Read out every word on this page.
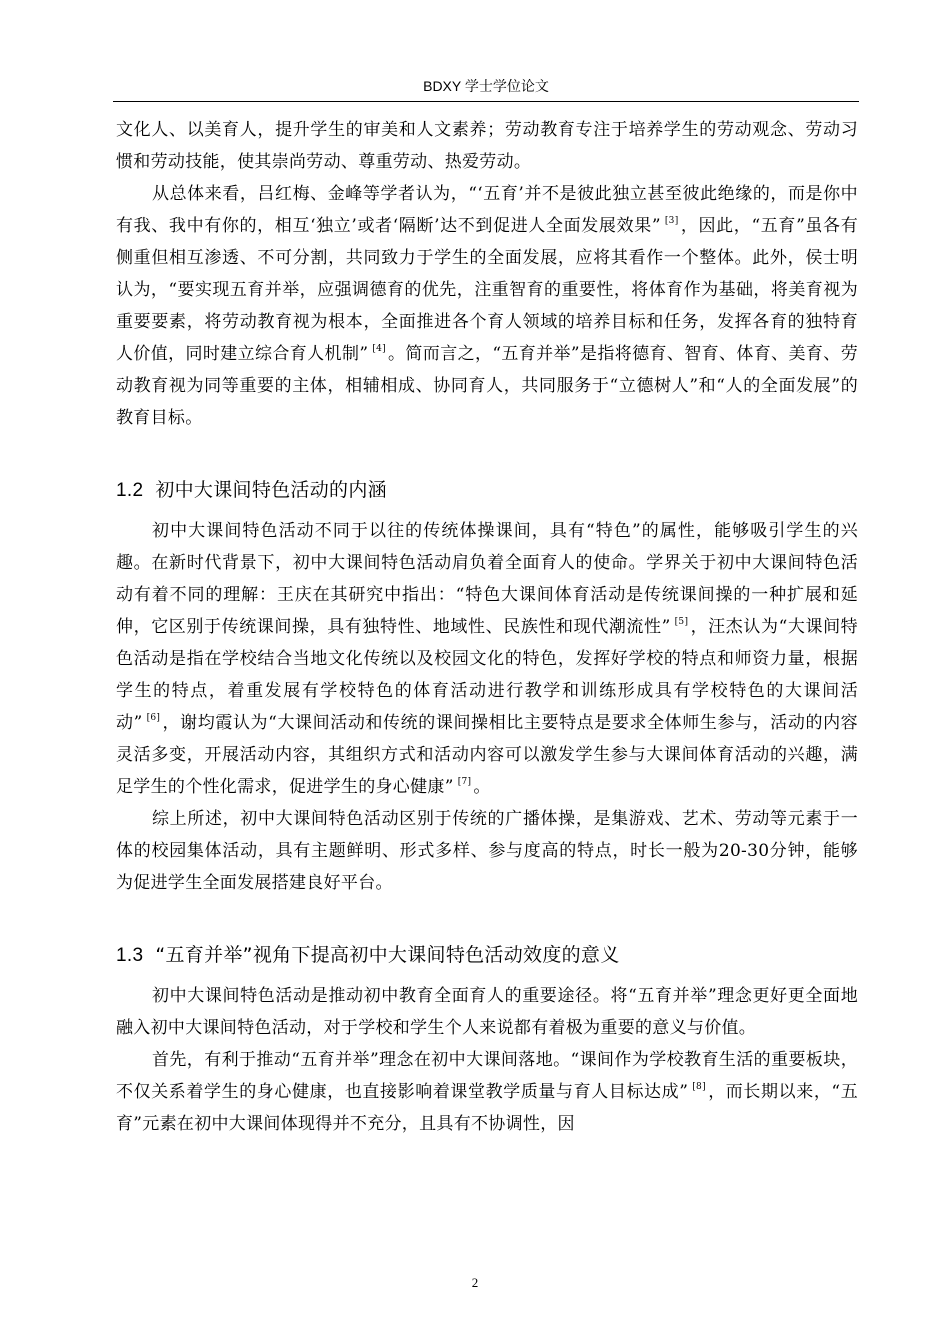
BDXY 学士学位论文

文化人、以美育人，提升学生的审美和人文素养；劳动教育专注于培养学生的劳动观念、劳动习惯和劳动技能，使其崇尚劳动、尊重劳动、热爱劳动。

从总体来看，吕红梅、金峰等学者认为，“‘五育’并不是彼此独立甚至彼此绝缘的，而是你中有我、我中有你的，相互‘独立’或者‘隔断’达不到促进人全面发展效果” [3] ，因此，“五育”虽各有侧重但相互渗透、不可分割，共同致力于学生的全面发展，应将其看作一个整体。此外，侯士明认为，“要实现五育并举，应强调德育的优先，注重智育的重要性，将体育作为基础，将美育视为重要要素，将劳动教育视为根本，全面推进各个育人领域的培养目标和任务，发挥各育的独特育人价值，同时建立综合育人机制” [4] 。简而言之，“五育并举”是指将德育、智育、体育、美育、劳动教育视为同等重要的主体，相辅相成、协同育人，共同服务于“立德树人”和“人的全面发展”的教育目标。

1.2 初中大课间特色活动的内涵

初中大课间特色活动不同于以往的传统体操课间，具有“特色”的属性，能够吸引学生的兴趣。在新时代背景下，初中大课间特色活动肩负着全面育人的使命。学界关于初中大课间特色活动有着不同的理解：王庆在其研究中指出：“特色大课间体育活动是传统课间操的一种扩展和延伸，它区别于传统课间操，具有独特性、地域性、民族性和现代潮流性” [5] ，汪杰认为“大课间特色活动是指在学校结合当地文化传统以及校园文化的特色，发挥好学校的特点和师资力量，根据学生的特点，着重发展有学校特色的体育活动进行教学和训练形成具有学校特色的大课间活动” [6] ，谢均霞认为“大课间活动和传统的课间操相比主要特点是要求全体师生参与，活动的内容灵活多变，开展活动内容，其组织方式和活动内容可以激发学生参与大课间体育活动的兴趣，满足学生的个性化需求，促进学生的身心健康” [7] 。

综上所述，初中大课间特色活动区别于传统的广播体操，是集游戏、艺术、劳动等元素于一体的校园集体活动，具有主题鲜明、形式多样、参与度高的特点，时长一般为20-30分钟，能够为促进学生全面发展搭建良好平台。

1.3 “五育并举”视角下提高初中大课间特色活动效度的意义

初中大课间特色活动是推动初中教育全面育人的重要途径。将“五育并举”理念更好更全面地融入初中大课间特色活动，对于学校和学生个人来说都有着极为重要的意义与价值。

首先，有利于推动“五育并举”理念在初中大课间落地。“课间作为学校教育生活的重要板块，不仅关系着学生的身心健康，也直接影响着课堂教学质量与育人目标达成” [8] ，而长期以来，“五育”元素在初中大课间体现得并不充分，且具有不协调性，因

2
